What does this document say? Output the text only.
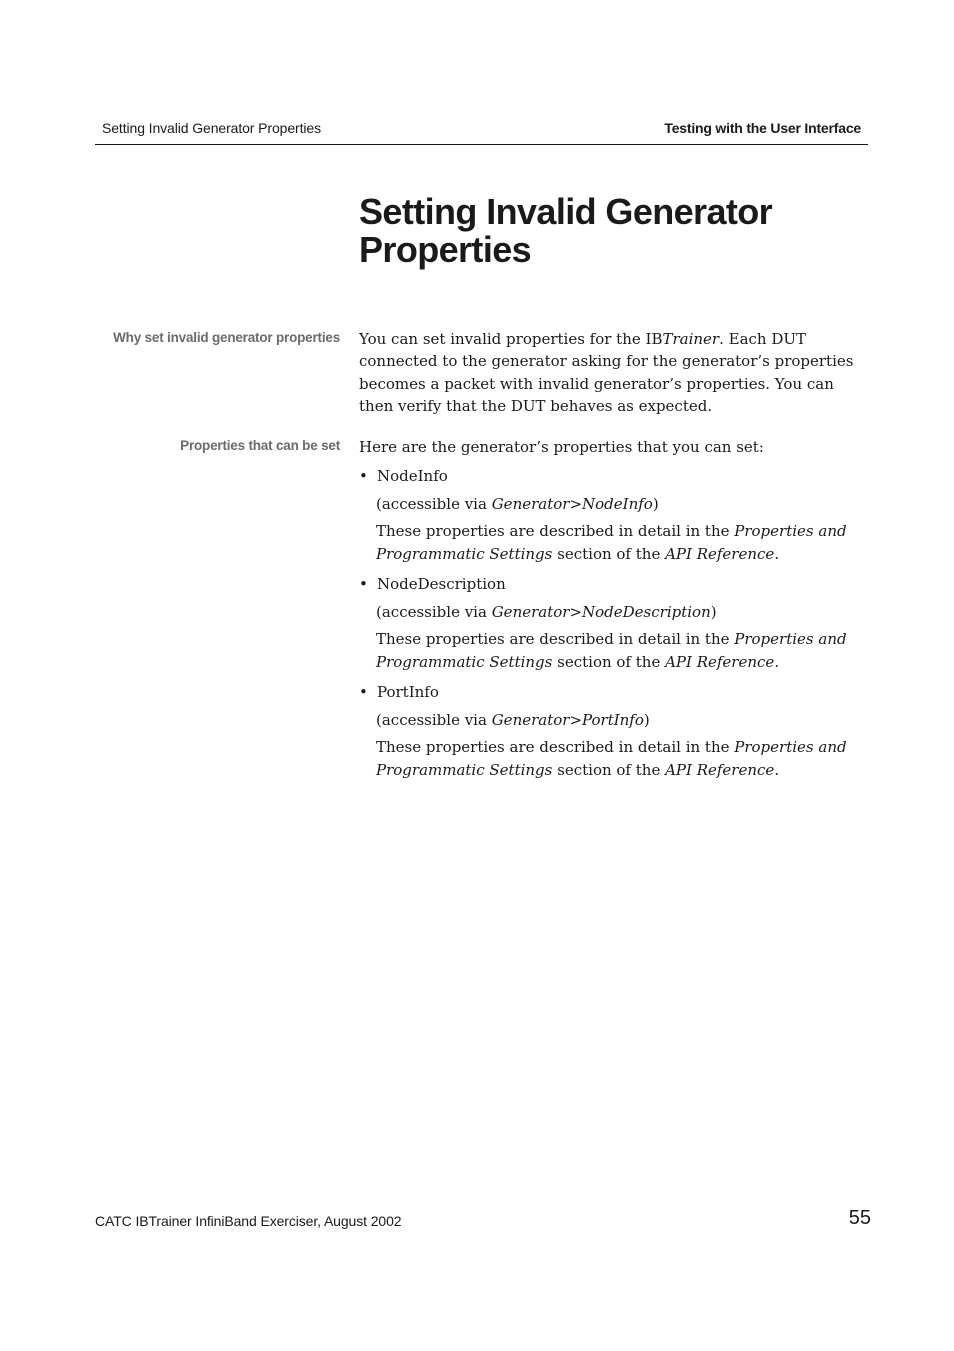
Setting Invalid Generator Properties	Testing with the User Interface
Setting Invalid Generator Properties
Why set invalid generator properties You can set invalid properties for the IBTrainer. Each DUT connected to the generator asking for the generator’s properties becomes a packet with invalid generator’s properties. You can then verify that the DUT behaves as expected.
Properties that can be set Here are the generator’s properties that you can set:
• NodeInfo
(accessible via Generator>NodeInfo)
These properties are described in detail in the Properties and Programmatic Settings section of the API Reference.
• NodeDescription
(accessible via Generator>NodeDescription)
These properties are described in detail in the Properties and Programmatic Settings section of the API Reference.
• PortInfo
(accessible via Generator>PortInfo)
These properties are described in detail in the Properties and Programmatic Settings section of the API Reference.
CATC IBTrainer InfiniBand Exerciser, August 2002	55
